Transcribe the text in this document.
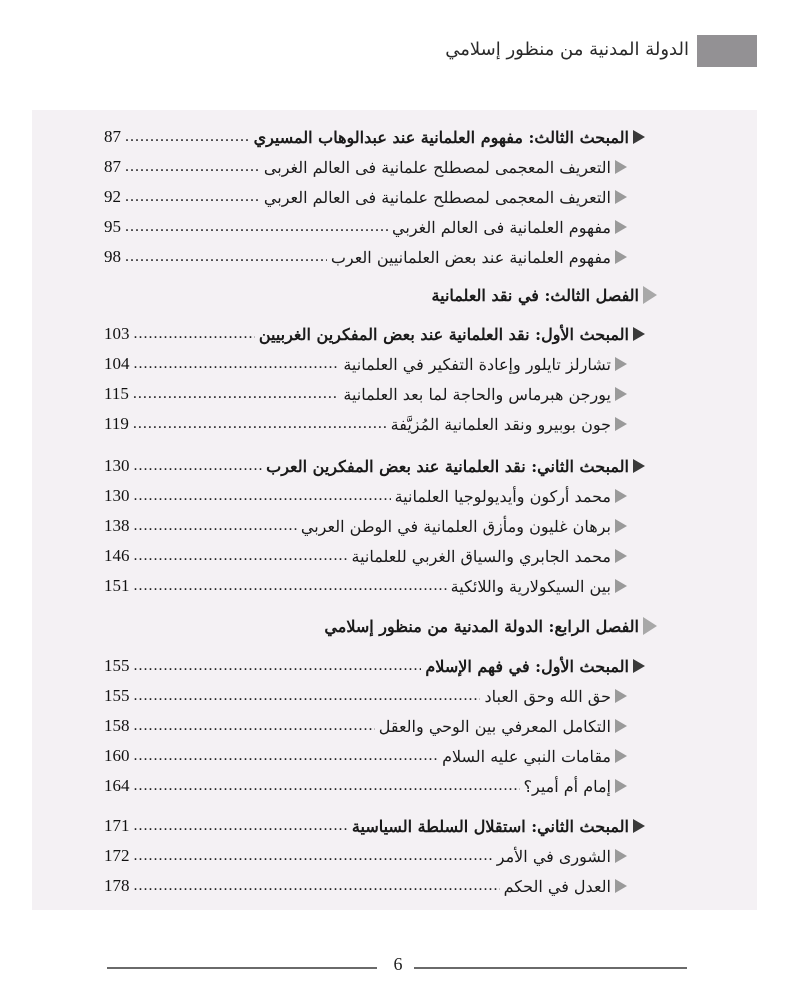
الدولة المدنية من منظور إسلامي
المبحث الثالث: مفهوم العلمانية عند عبدالوهاب المسيري
.....
87
التعريف المعجمى لمصطلح علمانية فى العالم الغربى
.....
87
التعريف المعجمى لمصطلح علمانية فى العالم العربي
.....
92
مفهوم العلمانية فى العالم الغربي
.....
95
مفهوم العلمانية عند بعض العلمانيين العرب
.....
98
الفصل الثالث: في نقد العلمانية
المبحث الأول: نقد العلمانية عند بعض المفكرين الغربيين
.....
103
تشارلز تايلور وإعادة التفكير في العلمانية
.....
104
يورجن هبرماس والحاجة لما بعد العلمانية
.....
115
جون بوبيرو ونقد العلمانية المُزيَّفة
.....
119
المبحث الثاني: نقد العلمانية عند بعض المفكرين العرب
.....
130
محمد أركون وأيديولوجيا العلمانية
.....
130
برهان غليون ومأزق العلمانية في الوطن العربي
.....
138
محمد الجابري والسياق الغربي للعلمانية
.....
146
بين السيكولارية واللائكية
.....
151
الفصل الرابع: الدولة المدنية من منظور إسلامي
المبحث الأول: في فهم الإسلام
.....
155
حق الله وحق العباد
.....
155
التكامل المعرفي بين الوحي والعقل
.....
158
مقامات النبي عليه السلام
.....
160
إمام أم أمير؟
.....
164
المبحث الثاني: استقلال السلطة السياسية
.....
171
الشورى في الأمر
.....
172
العدل في الحكم
.....
178
6
